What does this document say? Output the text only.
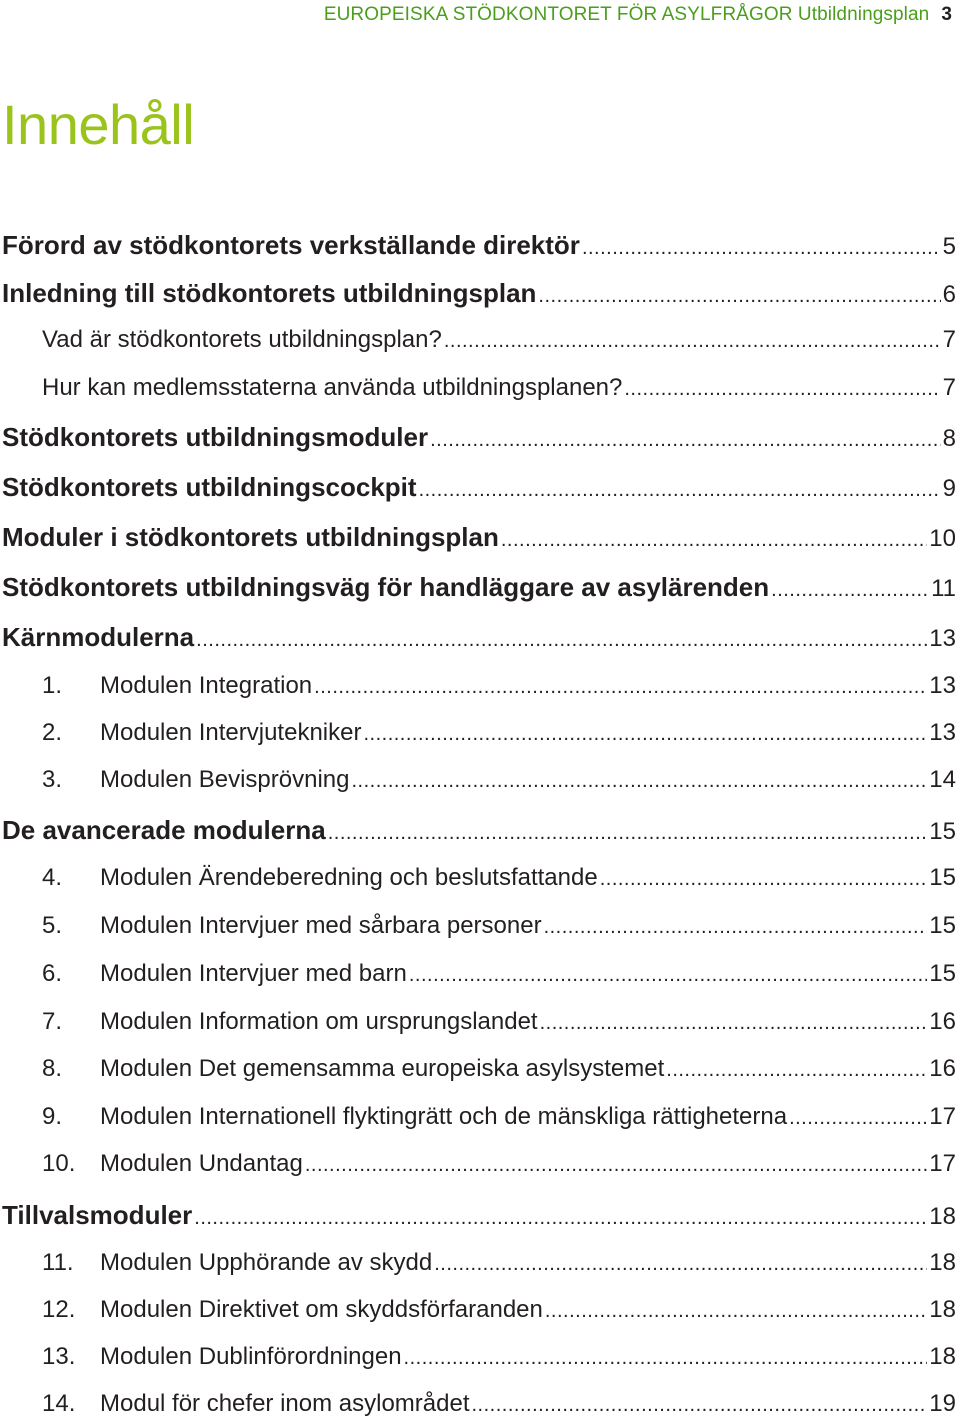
EUROPEISKA STÖDKONTORET FÖR ASYLFRÅGOR Utbildningsplan 3
Innehåll
Förord av stödkontorets verkställande direktör .....	5
Inledning till stödkontorets utbildningsplan .....	6
Vad är stödkontorets utbildningsplan? .....	7
Hur kan medlemsstaterna använda utbildningsplanen? .....	7
Stödkontorets utbildningsmoduler .....	8
Stödkontorets utbildningscockpit .....	9
Moduler i stödkontorets utbildningsplan .....	10
Stödkontorets utbildningsväg för handläggare av asylärenden .....	11
Kärnmodulerna .....	13
1.	Modulen Integration .....	13
2.	Modulen Intervjutekniker .....	13
3.	Modulen Bevisprövning .....	14
De avancerade modulerna .....	15
4.	Modulen Ärendeberedning och beslutsfattande .....	15
5.	Modulen Intervjuer med sårbara personer .....	15
6.	Modulen Intervjuer med barn .....	15
7.	Modulen Information om ursprungslandet .....	16
8.	Modulen Det gemensamma europeiska asylsystemet .....	16
9.	Modulen Internationell flyktingrätt och de mänskliga rättigheterna .....	17
10.	Modulen Undantag .....	17
Tillvalsmoduler .....	18
11.	Modulen Upphörande av skydd .....	18
12.	Modulen Direktivet om skyddsförfaranden .....	18
13.	Modulen Dublinförordningen .....	18
14.	Modul för chefer inom asylområdet .....	19
